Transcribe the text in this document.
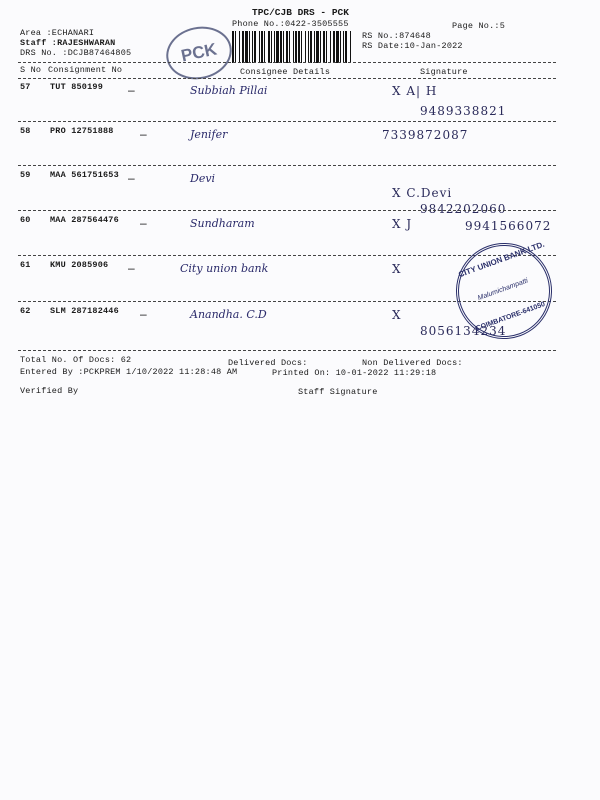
TPC/CJB DRS - PCK
Phone No.:0422-3505555	Page No.:5
Area :ECHANARI
Staff :RAJESHWARAN
DRS No. :DCJB87464805
RS No.:874648
RS Date:10-Jan-2022
PCK
S No Consignment No	Consignee Details	Signature
57 TUT 850199 –	Subbiah Pillai	X A| H
9489338821
58 PRO 12751888 –	Jenifer	7339872087
59 MAA 561751653 –	Devi
X C.Devi
9842202060
60 MAA 287564476 –	Sundharam	X J	9941566072
61 KMU 2085906 –	City union bank	X
62 SLM 287182446 –	Anandha. C.D	X
8056134234
CITY UNION BANK LTD.
Malumichampatti
COIMBATORE-641050
Total No. Of Docs: 62	Delivered Docs:	Non Delivered Docs:
Entered By :PCKPREM 1/10/2022 11:28:48 AM	Printed On: 10-01-2022 11:29:18
Verified By	Staff Signature
